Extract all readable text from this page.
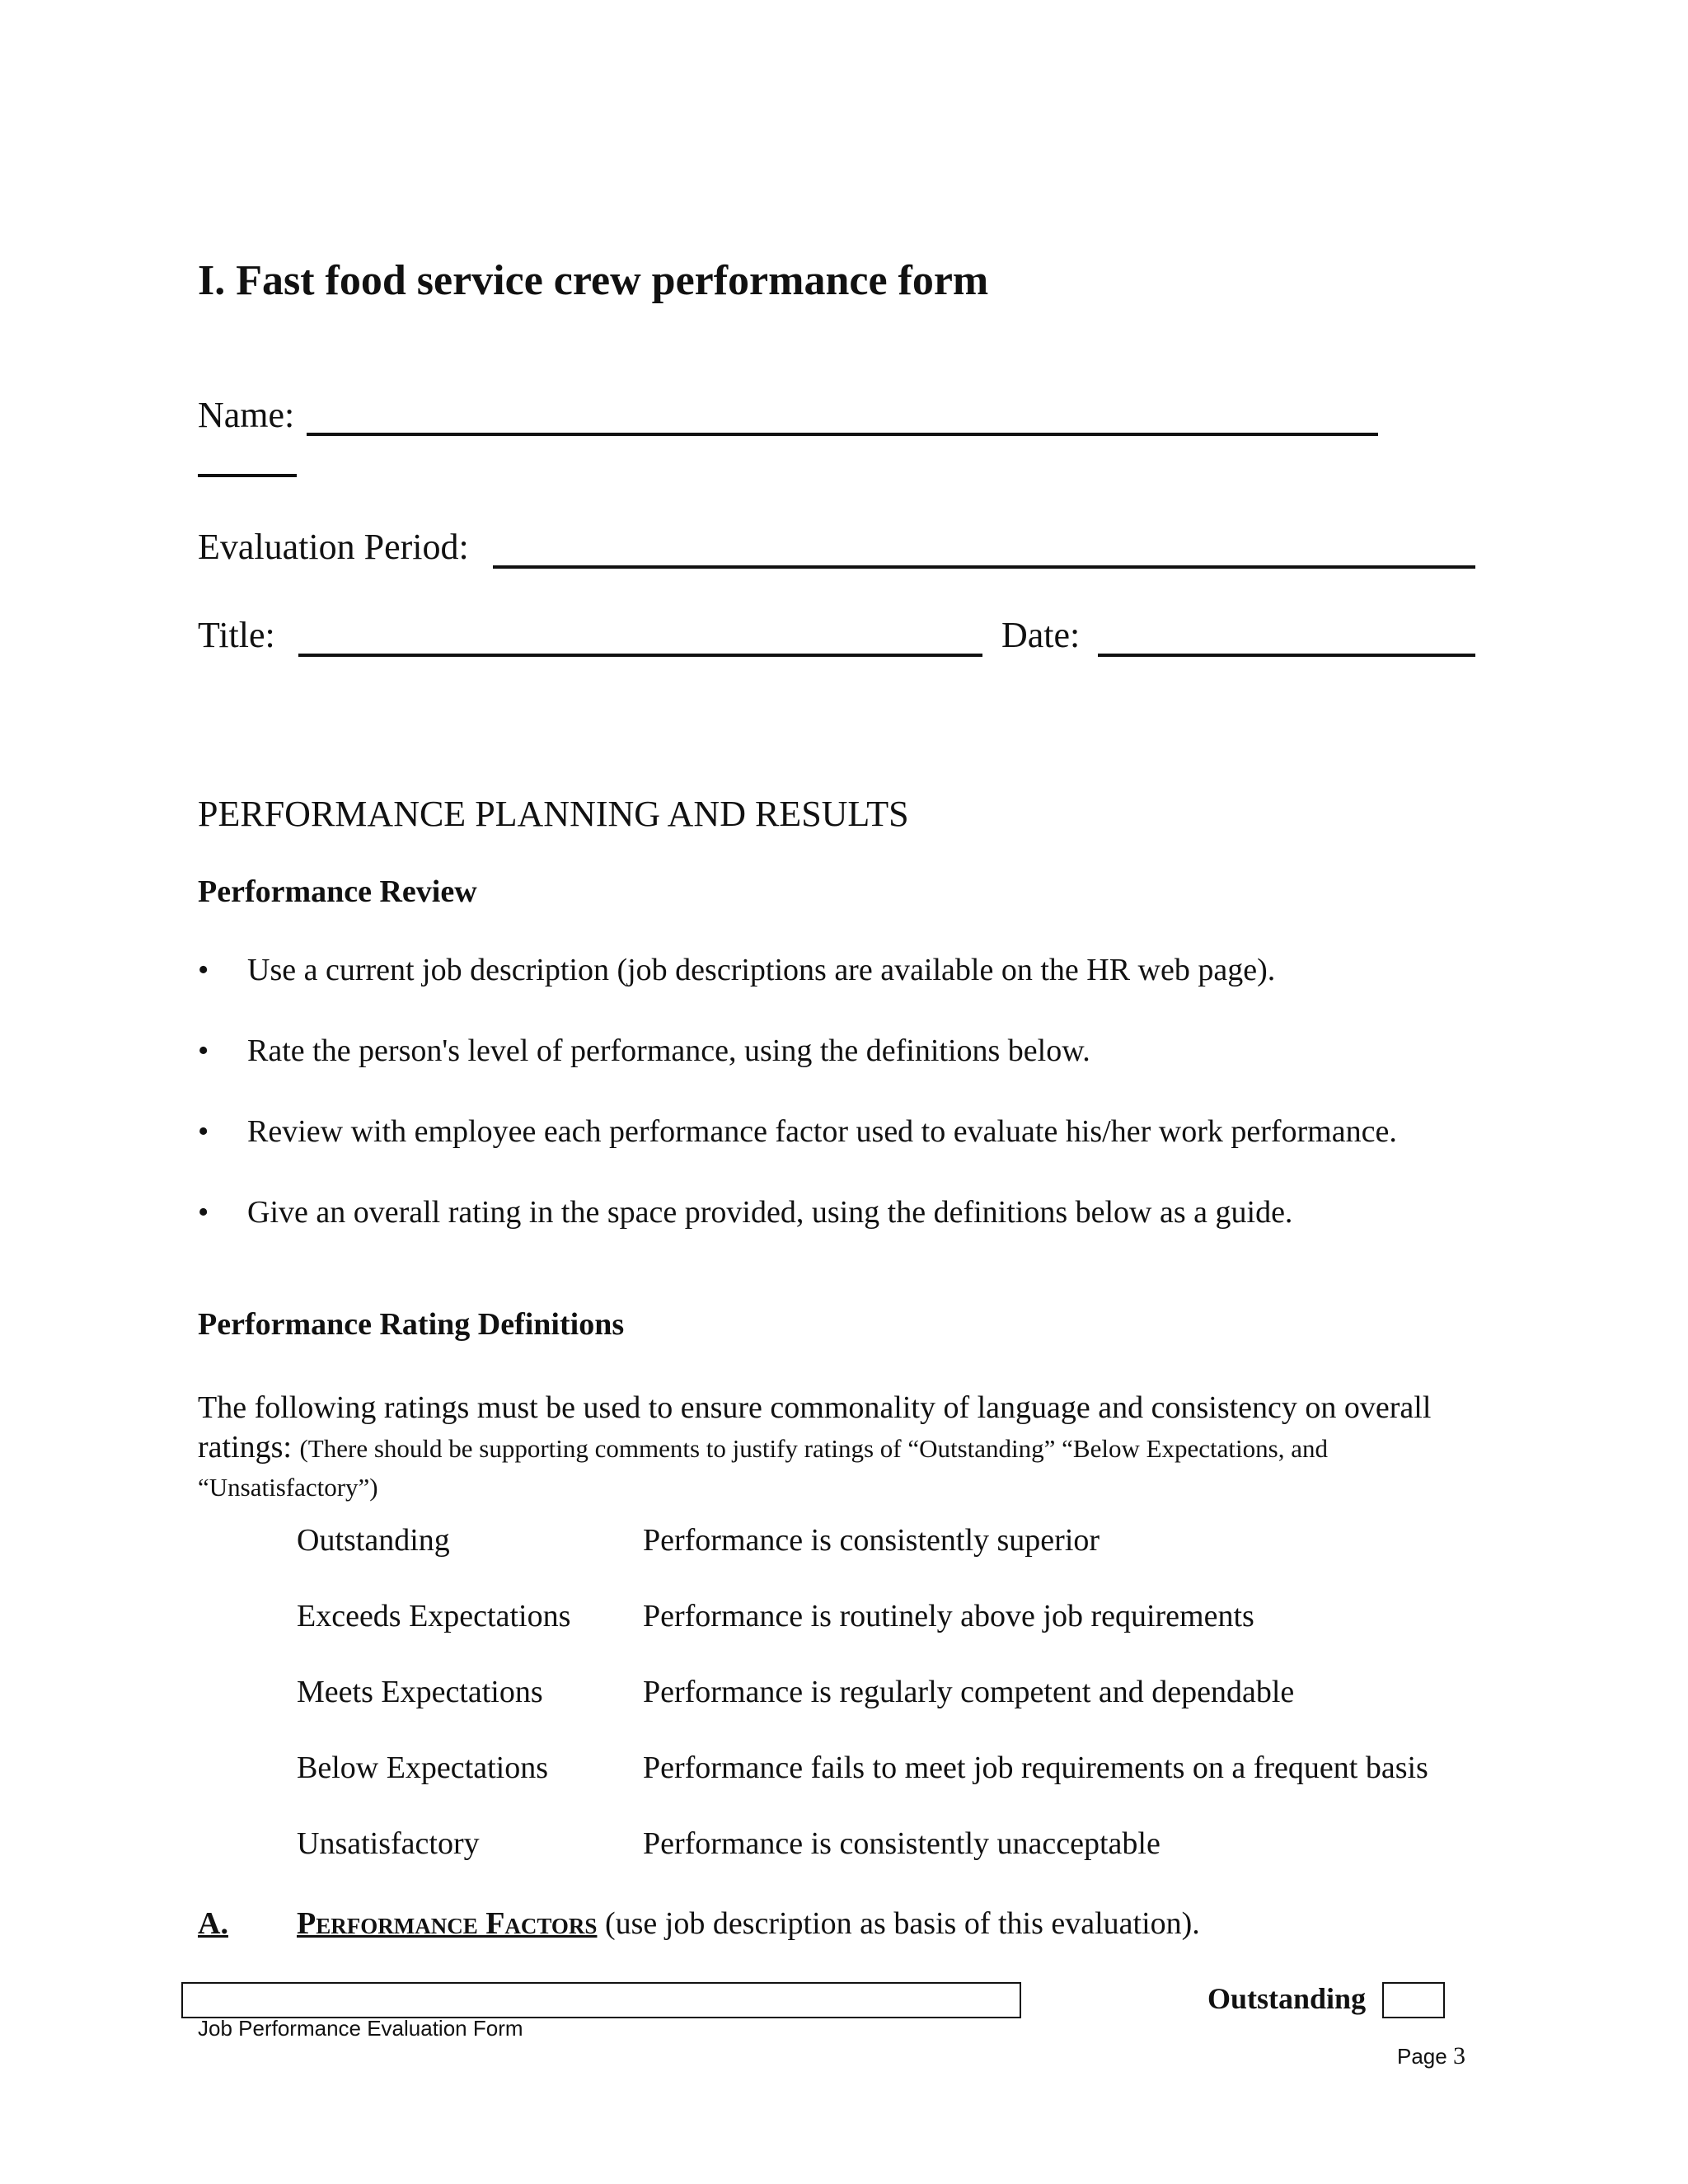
I. Fast food service crew performance form
Name:
Evaluation Period:
Title:	Date:
PERFORMANCE PLANNING AND RESULTS
Performance Review
•	Use a current job description (job descriptions are available on the HR web page).
•	Rate the person's level of performance, using the definitions below.
•	Review with employee each performance factor used to evaluate his/her work performance.
•	Give an overall rating in the space provided, using the definitions below as a guide.
Performance Rating Definitions
The following ratings must be used to ensure commonality of language and consistency on overall ratings: (There should be supporting comments to justify ratings of “Outstanding” “Below Expectations, and “Unsatisfactory”)
Outstanding	Performance is consistently superior
Exceeds Expectations Performance is routinely above job requirements
Meets Expectations	Performance is regularly competent and dependable
Below Expectations	Performance fails to meet job requirements on a frequent basis
Unsatisfactory	Performance is consistently unacceptable
A. Performance Factors (use job description as basis of this evaluation).
Outstanding
Job Performance Evaluation Form
Page 3
